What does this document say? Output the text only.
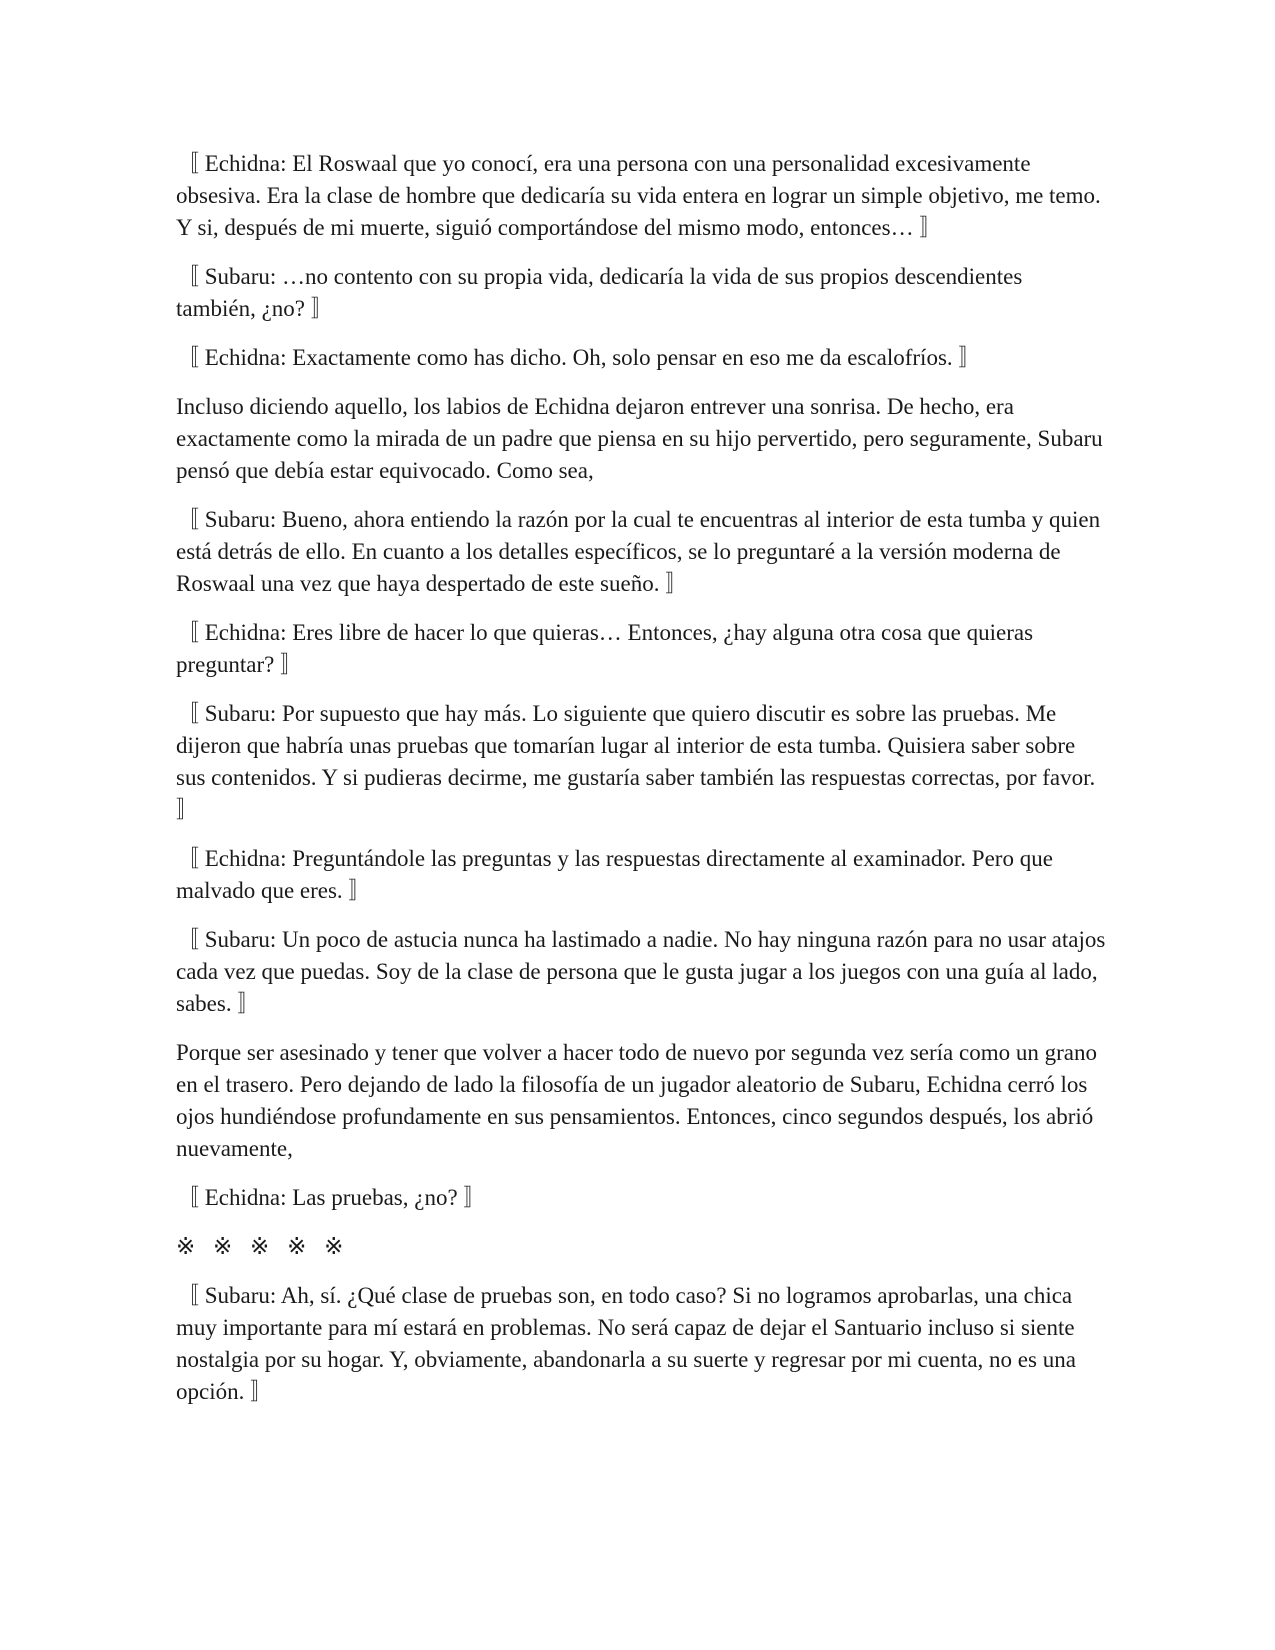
〚 Echidna: El Roswaal que yo conocí, era una persona con una personalidad excesivamente obsesiva. Era la clase de hombre que dedicaría su vida entera en lograr un simple objetivo, me temo. Y si, después de mi muerte, siguió comportándose del mismo modo, entonces… 〛

〚 Subaru: …no contento con su propia vida, dedicaría la vida de sus propios descendientes también, ¿no? 〛

〚 Echidna: Exactamente como has dicho. Oh, solo pensar en eso me da escalofríos. 〛

Incluso diciendo aquello, los labios de Echidna dejaron entrever una sonrisa. De hecho, era exactamente como la mirada de un padre que piensa en su hijo pervertido, pero seguramente, Subaru pensó que debía estar equivocado. Como sea,

〚 Subaru: Bueno, ahora entiendo la razón por la cual te encuentras al interior de esta tumba y quien está detrás de ello. En cuanto a los detalles específicos, se lo preguntaré a la versión moderna de Roswaal una vez que haya despertado de este sueño. 〛

〚 Echidna: Eres libre de hacer lo que quieras… Entonces, ¿hay alguna otra cosa que quieras preguntar? 〛

〚 Subaru: Por supuesto que hay más. Lo siguiente que quiero discutir es sobre las pruebas. Me dijeron que habría unas pruebas que tomarían lugar al interior de esta tumba. Quisiera saber sobre sus contenidos. Y si pudieras decirme, me gustaría saber también las respuestas correctas, por favor. 〛

〚 Echidna: Preguntándole las preguntas y las respuestas directamente al examinador. Pero que malvado que eres. 〛

〚 Subaru: Un poco de astucia nunca ha lastimado a nadie. No hay ninguna razón para no usar atajos cada vez que puedas. Soy de la clase de persona que le gusta jugar a los juegos con una guía al lado, sabes. 〛

Porque ser asesinado y tener que volver a hacer todo de nuevo por segunda vez sería como un grano en el trasero. Pero dejando de lado la filosofía de un jugador aleatorio de Subaru, Echidna cerró los ojos hundiéndose profundamente en sus pensamientos. Entonces, cinco segundos después, los abrió nuevamente,

〚 Echidna: Las pruebas, ¿no? 〛

※ ※ ※ ※ ※

〚 Subaru: Ah, sí. ¿Qué clase de pruebas son, en todo caso? Si no logramos aprobarlas, una chica muy importante para mí estará en problemas. No será capaz de dejar el Santuario incluso si siente nostalgia por su hogar. Y, obviamente, abandonarla a su suerte y regresar por mi cuenta, no es una opción. 〛
